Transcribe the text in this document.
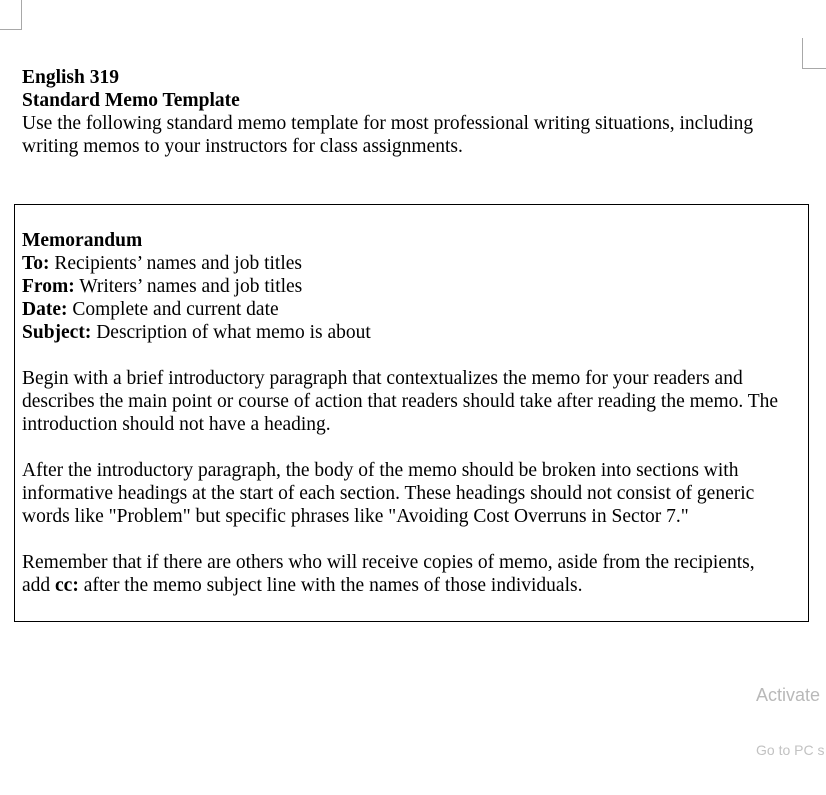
English 319
Standard Memo Template
Use the following standard memo template for most professional writing situations, including
writing memos to your instructors for class assignments.
Memorandum
To: Recipients’ names and job titles
From: Writers’ names and job titles
Date: Complete and current date
Subject: Description of what memo is about
Begin with a brief introductory paragraph that contextualizes the memo for your readers and
describes the main point or course of action that readers should take after reading the memo. The
introduction should not have a heading.
After the introductory paragraph, the body of the memo should be broken into sections with
informative headings at the start of each section. These headings should not consist of generic
words like "Problem" but specific phrases like "Avoiding Cost Overruns in Sector 7."
Remember that if there are others who will receive copies of memo, aside from the recipients,
add cc: after the memo subject line with the names of those individuals.

Activate

Go to PC s
